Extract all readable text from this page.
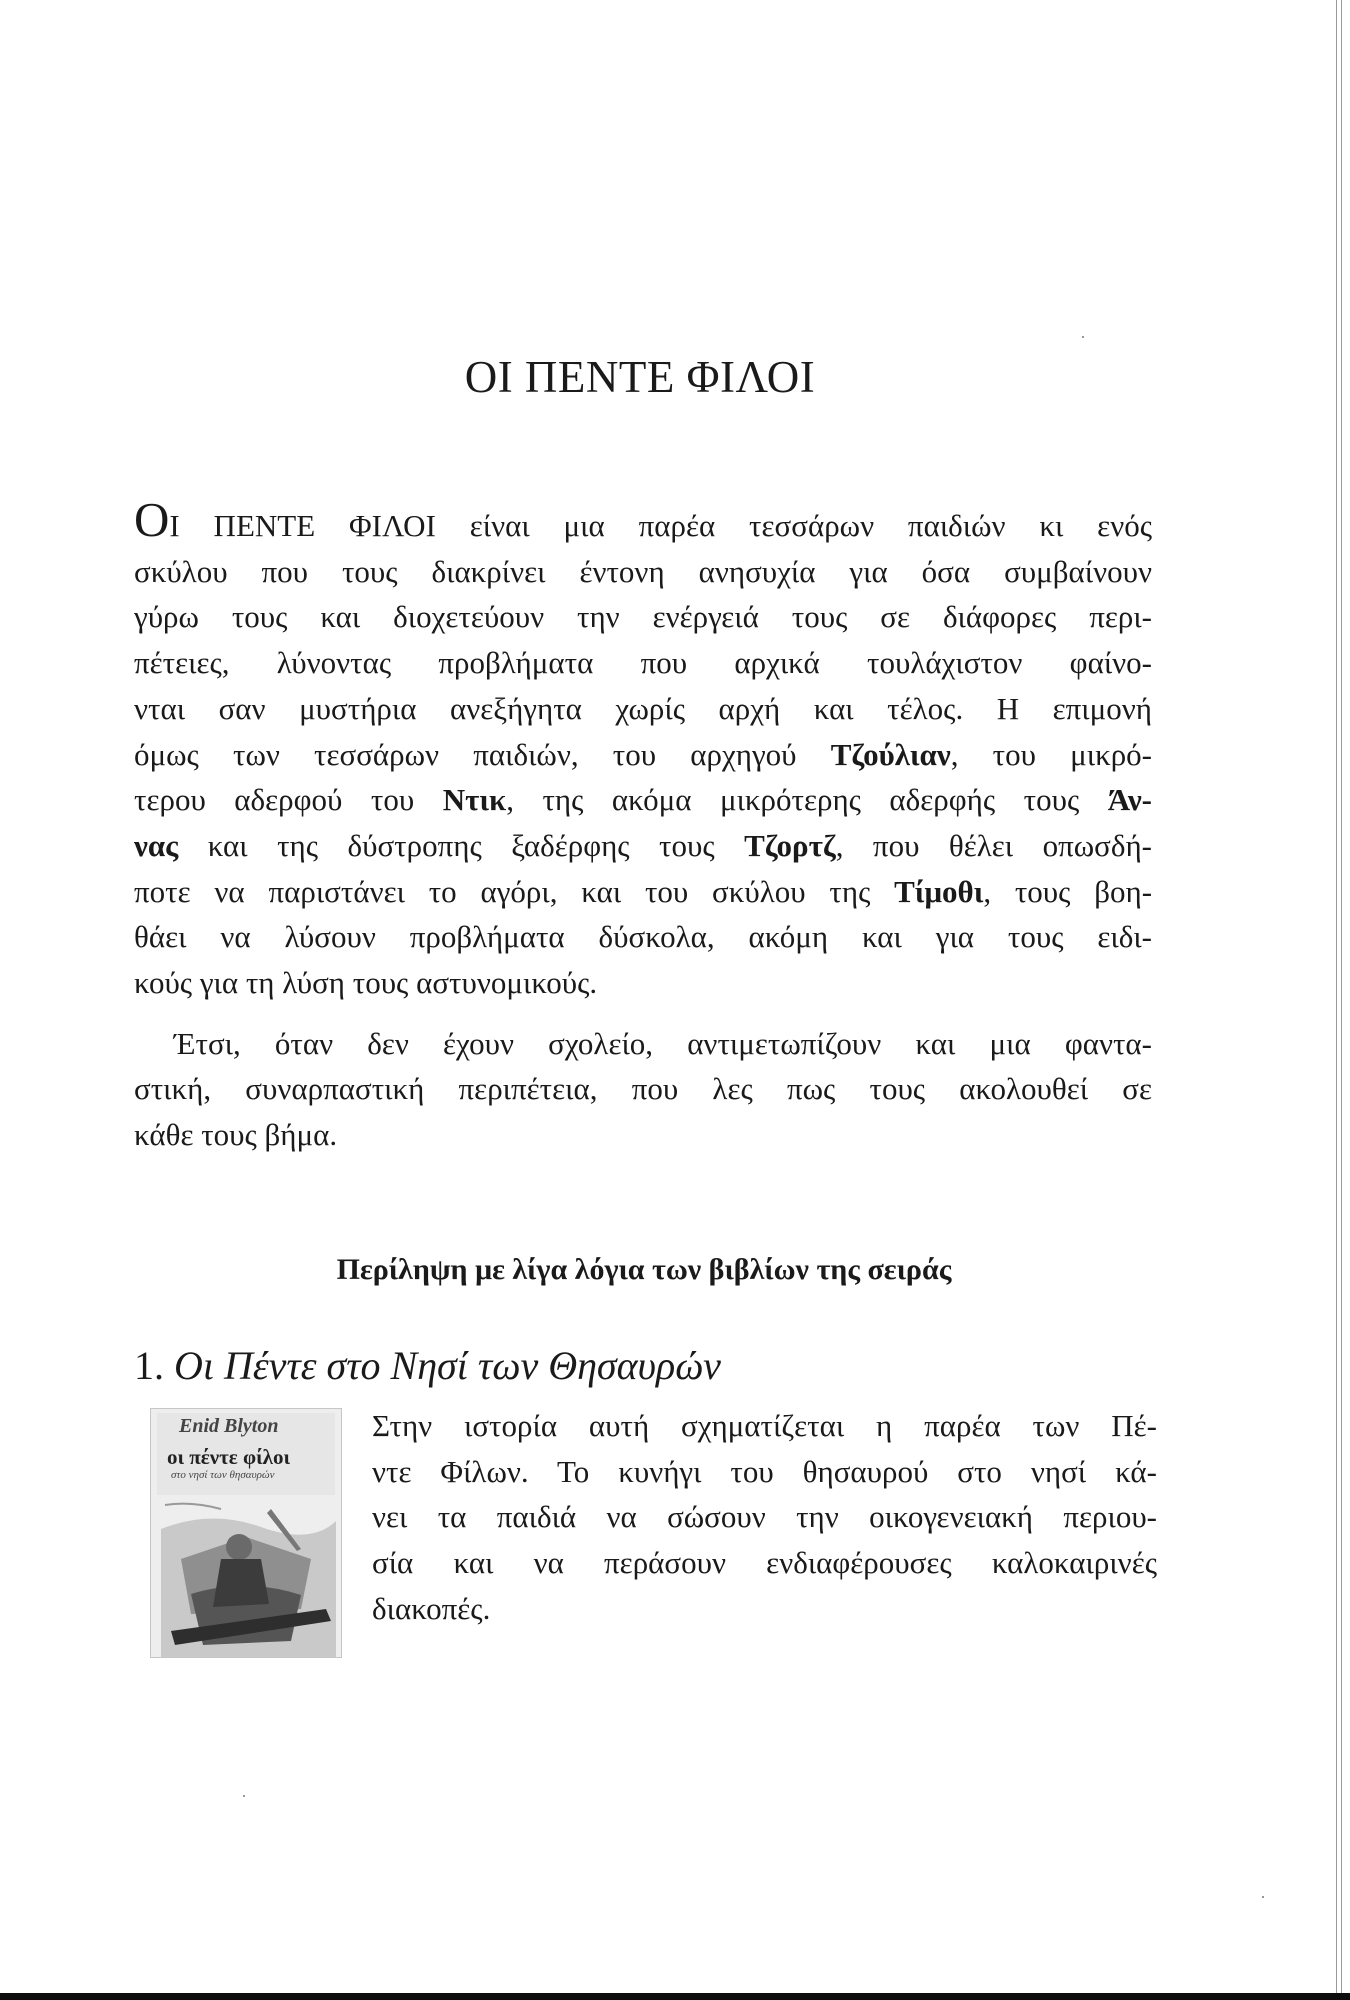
ΟΙ ΠΕΝΤΕ ΦΙΛΟΙ

ΟΙ ΠΕΝΤΕ ΦΙΛΟΙ είναι μια παρέα τεσσάρων παιδιών κι ενός
σκύλου που τους διακρίνει έντονη ανησυχία για όσα συμβαίνουν
γύρω τους και διοχετεύουν την ενέργειά τους σε διάφορες περι-
πέτειες, λύνοντας προβλήματα που αρχικά τουλάχιστον φαίνο-
νται σαν μυστήρια ανεξήγητα χωρίς αρχή και τέλος. Η επιμονή
όμως των τεσσάρων παιδιών, του αρχηγού Τζούλιαν, του μικρό-
τερου αδερφού του Ντικ, της ακόμα μικρότερης αδερφής τους Άν-
νας και της δύστροπης ξαδέρφης τους Τζορτζ, που θέλει οπωσδή-
ποτε να παριστάνει το αγόρι, και του σκύλου της Τίμοθι, τους βοη-
θάει να λύσουν προβλήματα δύσκολα, ακόμη και για τους ειδι-
κούς για τη λύση τους αστυνομικούς.

Έτσι, όταν δεν έχουν σχολείο, αντιμετωπίζουν και μια φαντα-
στική, συναρπαστική περιπέτεια, που λες πως τους ακολουθεί σε
κάθε τους βήμα.

Περίληψη με λίγα λόγια των βιβλίων της σειράς
1. Οι Πέντε στο Νησί των Θησαυρών
Enid Blyton
οι πέντε φίλοι
στο νησί των θησαυρών

Στην ιστορία αυτή σχηματίζεται η παρέα των Πέ-
ντε Φίλων. Το κυνήγι του θησαυρού στο νησί κά-
νει τα παιδιά να σώσουν την οικογενειακή περιου-
σία και να περάσουν ενδιαφέρουσες καλοκαιρινές
διακοπές.
